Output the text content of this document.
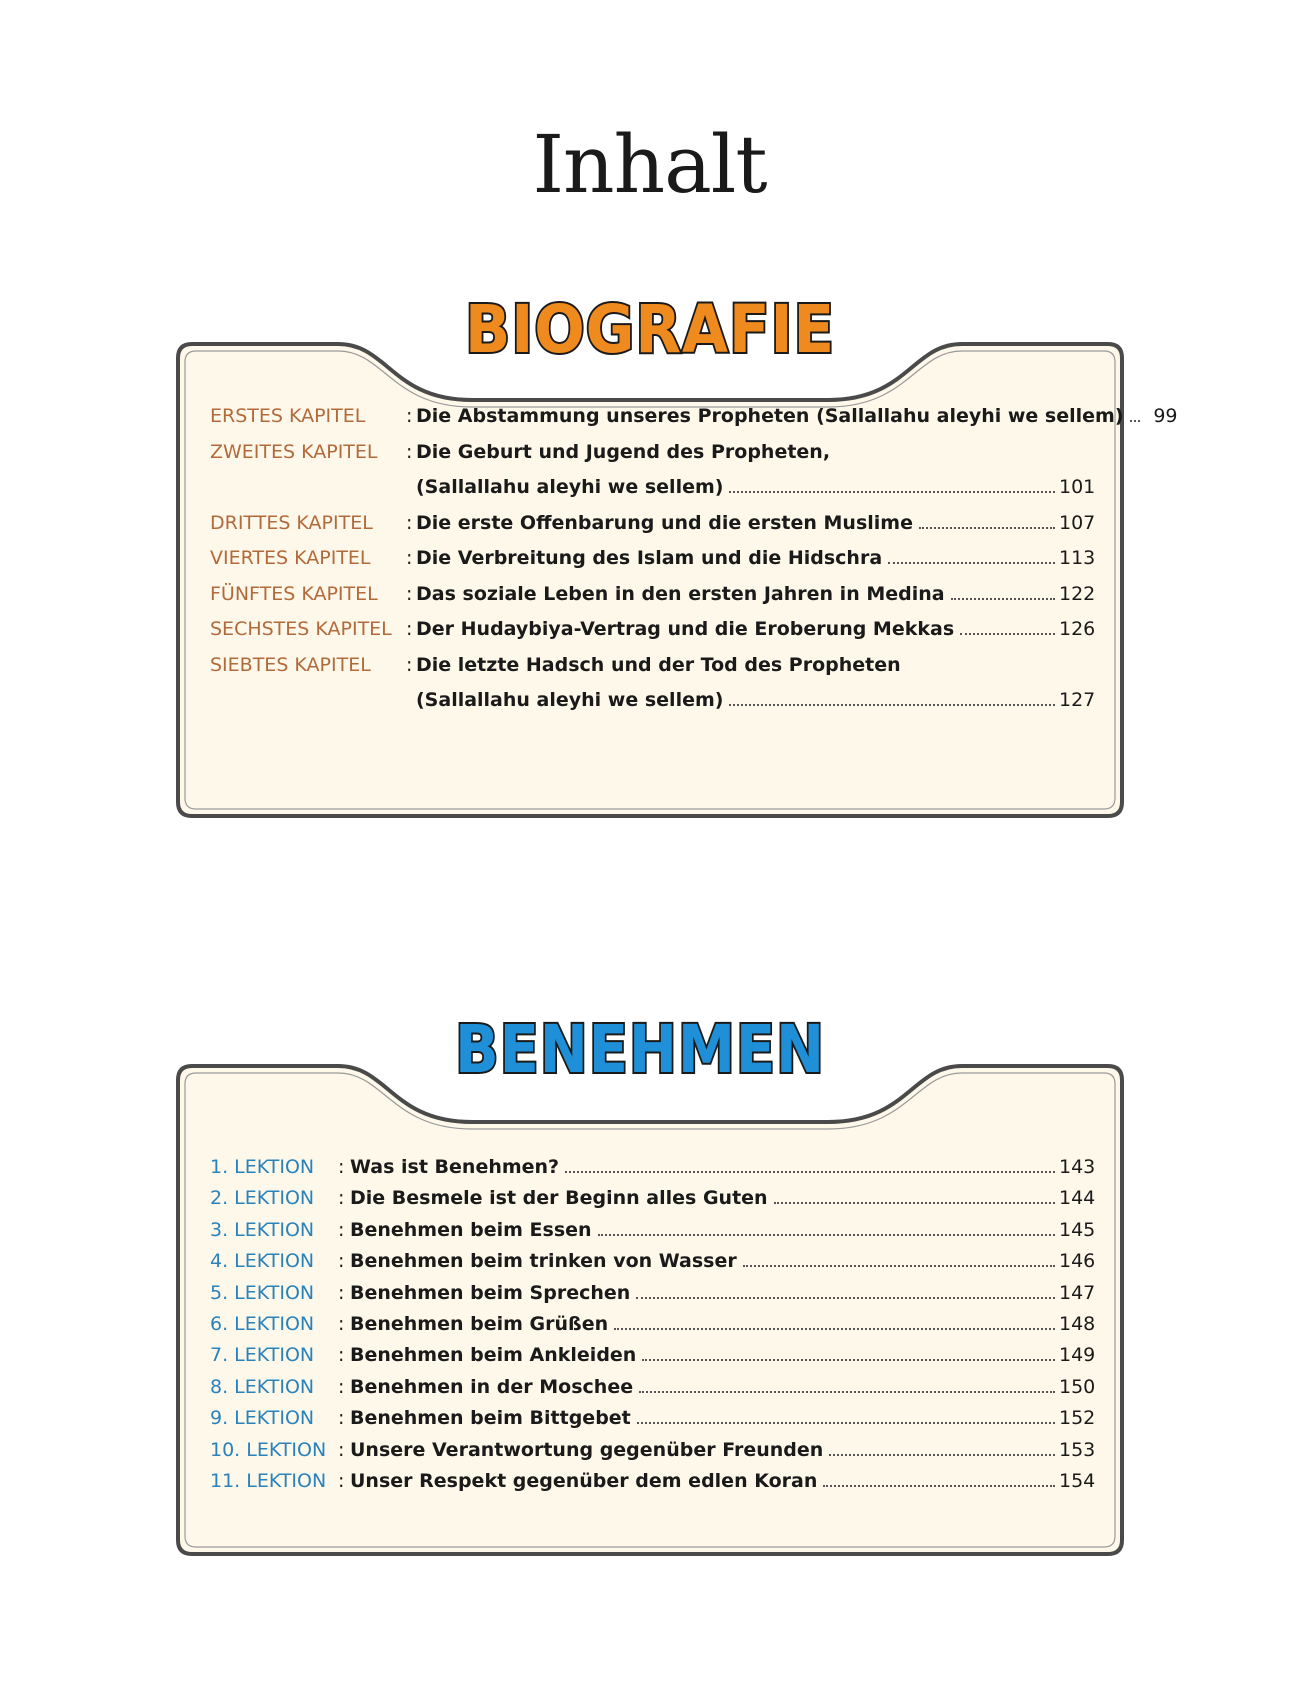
Inhalt
BIOGRAFIE
ERSTES KAPITEL	: Die Abstammung unseres Propheten (Sallallahu aleyhi we sellem)	99
ZWEITES KAPITEL	: Die Geburt und Jugend des Propheten,
(Sallallahu aleyhi we sellem)	101
DRITTES KAPITEL	: Die erste Offenbarung und die ersten Muslime	107
VIERTES KAPITEL	: Die Verbreitung des Islam und die Hidschra	113
FÜNFTES KAPITEL	: Das soziale Leben in den ersten Jahren in Medina	122
SECHSTES KAPITEL : Der Hudaybiya-Vertrag und die Eroberung Mekkas	126
SIEBTES KAPITEL	: Die letzte Hadsch und der Tod des Propheten
(Sallallahu aleyhi we sellem)	127
BENEHMEN
1. LEKTION	: Was ist Benehmen?	143
2. LEKTION	: Die Besmele ist der Beginn alles Guten	144
3. LEKTION	: Benehmen beim Essen	145
4. LEKTION	: Benehmen beim trinken von Wasser	146
5. LEKTION	: Benehmen beim Sprechen	147
6. LEKTION	: Benehmen beim Grüßen	148
7. LEKTION	: Benehmen beim Ankleiden	149
8. LEKTION	: Benehmen in der Moschee	150
9. LEKTION	: Benehmen beim Bittgebet	152
10. LEKTION : Unsere Verantwortung gegenüber Freunden	153
11. LEKTION : Unser Respekt gegenüber dem edlen Koran	154
